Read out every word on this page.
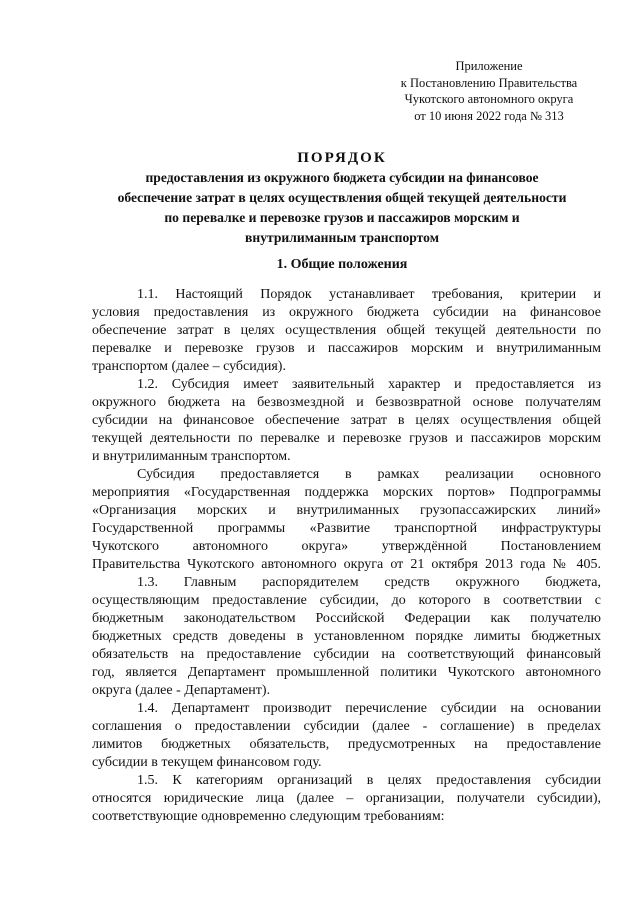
Приложение
к Постановлению Правительства
Чукотского автономного округа
от 10 июня 2022 года № 313
ПОРЯДОК
предоставления из окружного бюджета субсидии на финансовое
обеспечение затрат в целях осуществления общей текущей деятельности
по перевалке и перевозке грузов и пассажиров морским и
внутрилиманным транспортом
1. Общие положения
1.1. Настоящий Порядок устанавливает требования, критерии и
условия предоставления из окружного бюджета субсидии на финансовое
обеспечение затрат в целях осуществления общей текущей деятельности по
перевалке и перевозке грузов и пассажиров морским и внутрилиманным
транспортом (далее – субсидия).
1.2. Субсидия имеет заявительный характер и предоставляется из
окружного бюджета на безвозмездной и безвозвратной основе получателям
субсидии на финансовое обеспечение затрат в целях осуществления общей
текущей деятельности по перевалке и перевозке грузов и пассажиров морским
и внутрилиманным транспортом.
Субсидия предоставляется в рамках реализации основного
мероприятия «Государственная поддержка морских портов» Подпрограммы
«Организация морских и внутрилиманных грузопассажирских линий»
Государственной программы «Развитие транспортной инфраструктуры
Чукотского автономного округа» утверждённой Постановлением
Правительства Чукотского автономного округа от 21 октября 2013 года № 405.
1.3. Главным распорядителем средств окружного бюджета,
осуществляющим предоставление субсидии, до которого в соответствии с
бюджетным законодательством Российской Федерации как получателю
бюджетных средств доведены в установленном порядке лимиты бюджетных
обязательств на предоставление субсидии на соответствующий финансовый
год, является Департамент промышленной политики Чукотского автономного
округа (далее - Департамент).
1.4. Департамент производит перечисление субсидии на основании
соглашения о предоставлении субсидии (далее - соглашение) в пределах
лимитов бюджетных обязательств, предусмотренных на предоставление
субсидии в текущем финансовом году.
1.5. К категориям организаций в целях предоставления субсидии
относятся юридические лица (далее – организации, получатели субсидии),
соответствующие одновременно следующим требованиям:
